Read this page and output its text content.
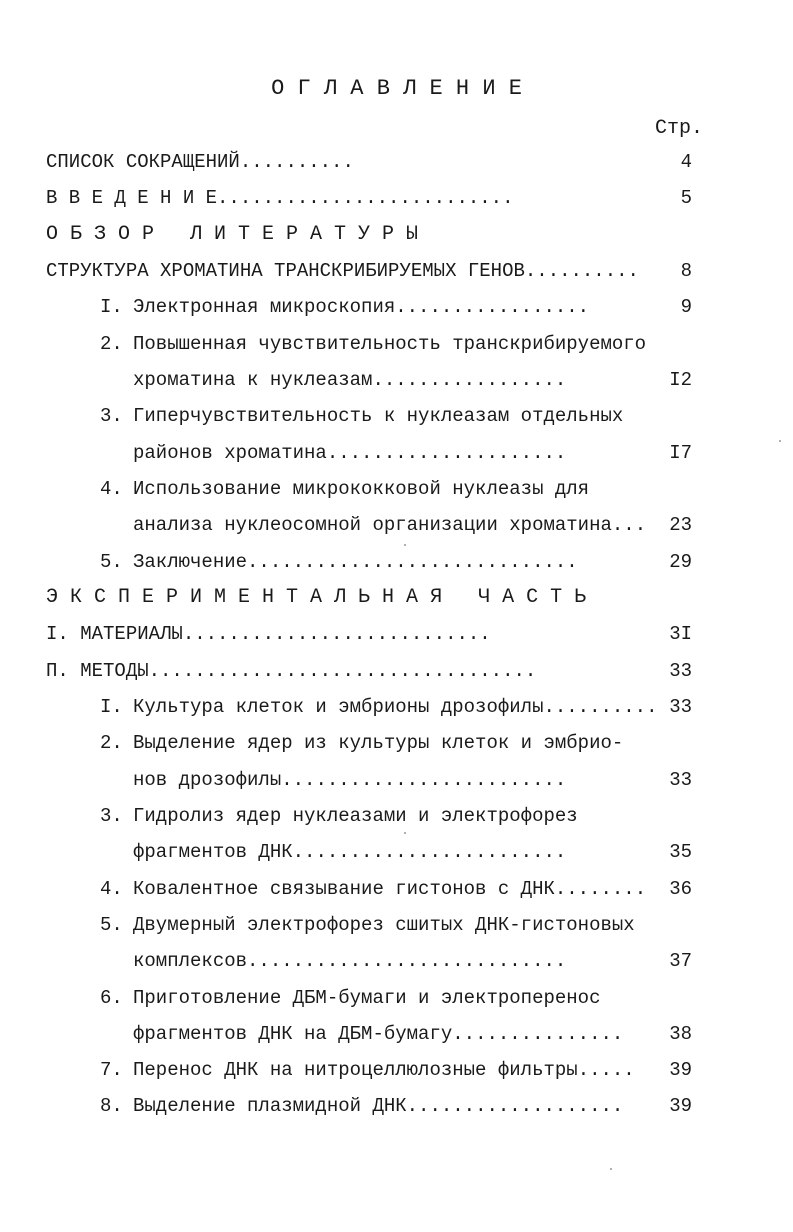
О Г Л А В Л Е Н И Е
Стр.
СПИСОК СОКРАЩЕНИЙ..........	4
В В Е Д Е Н И Е..........................	5
О Б З О Р   Л И Т Е Р А Т У Р Ы
СТРУКТУРА ХРОМАТИНА ТРАНСКРИБИРУЕМЫХ ГЕНОВ..........	8
I. Электронная микроскопия.................	9
2. Повышенная чувствительность транскрибируемого
хроматина к нуклеазам.................	I2
3. Гиперчувствительность к нуклеазам отдельных
районов хроматина.....................	I7
4. Использование микрококковой нуклеазы для
анализа нуклеосомной организации хроматина...	23
5. Заключение.............................	29
Э К С П Е Р И М Е Н Т А Л Ь Н А Я   Ч А С Т Ь
I. МАТЕРИАЛЫ...........................	3I
П. МЕТОДЫ..................................	33
I. Культура клеток и эмбрионы дрозофилы.......... 33
2. Выделение ядер из культуры клеток и эмбрио-
нов дрозофилы.........................	33
3. Гидролиз ядер нуклеазами и электрофорез
фрагментов ДНК........................	35
4. Ковалентное связывание гистонов с ДНК........	36
5. Двумерный электрофорез сшитых ДНК-гистоновых
комплексов............................	37
6. Приготовление ДБМ-бумаги и электроперенос
фрагментов ДНК на ДБМ-бумагу...............	38
7. Перенос ДНК на нитроцеллюлозные фильтры.....	39
8. Выделение плазмидной ДНК...................	39
